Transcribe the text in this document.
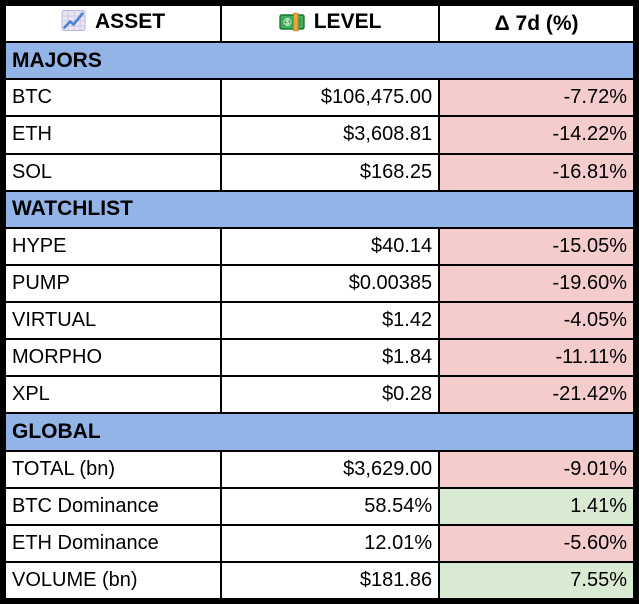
ASSET	$ LEVEL	Δ 7d (%)
MAJORS		
BTC	$106,475.00	-7.72%
ETH	$3,608.81	-14.22%
SOL	$168.25	-16.81%
WATCHLIST		
HYPE	$40.14	-15.05%
PUMP	$0.00385	-19.60%
VIRTUAL	$1.42	-4.05%
MORPHO	$1.84	-11.11%
XPL	$0.28	-21.42%
GLOBAL		
TOTAL (bn)	$3,629.00	-9.01%
BTC Dominance	58.54%	1.41%
ETH Dominance	12.01%	-5.60%
VOLUME (bn)	$181.86	7.55%
